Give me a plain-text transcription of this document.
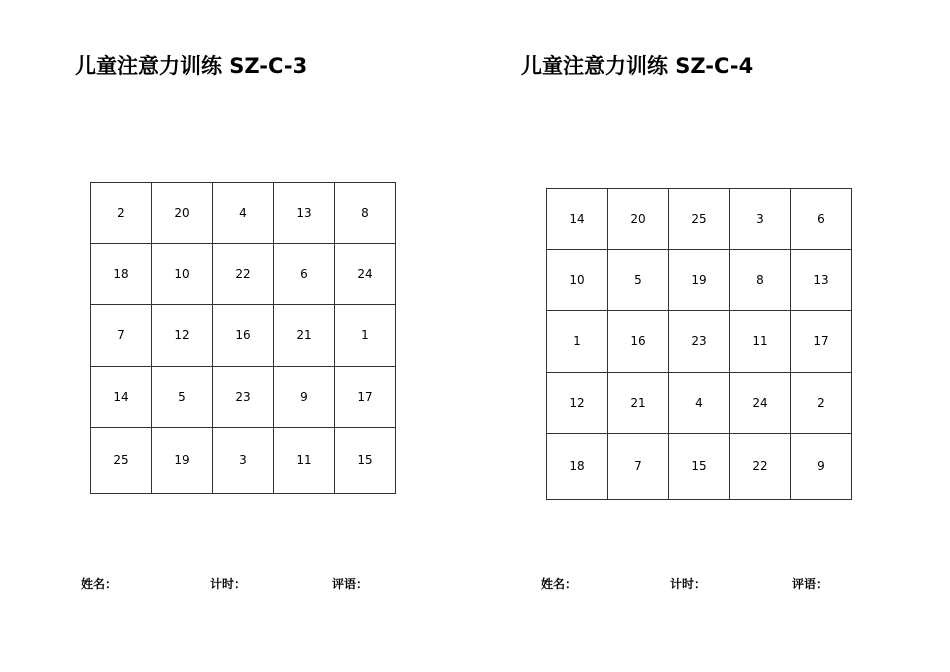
儿童注意力训练 SZ-C-3	儿童注意力训练 SZ-C-4
2	20	4	13	8
18	10	22	6	24
7	12	16	21	1
14	5	23	9	17
25	19	3	11	15
14	20	25	3	6
10	5	19	8	13
1	16	23	11	17
12	21	4	24	2
18	7	15	22	9
姓名：	计时：	评语：	姓名：	计时：	评语：
